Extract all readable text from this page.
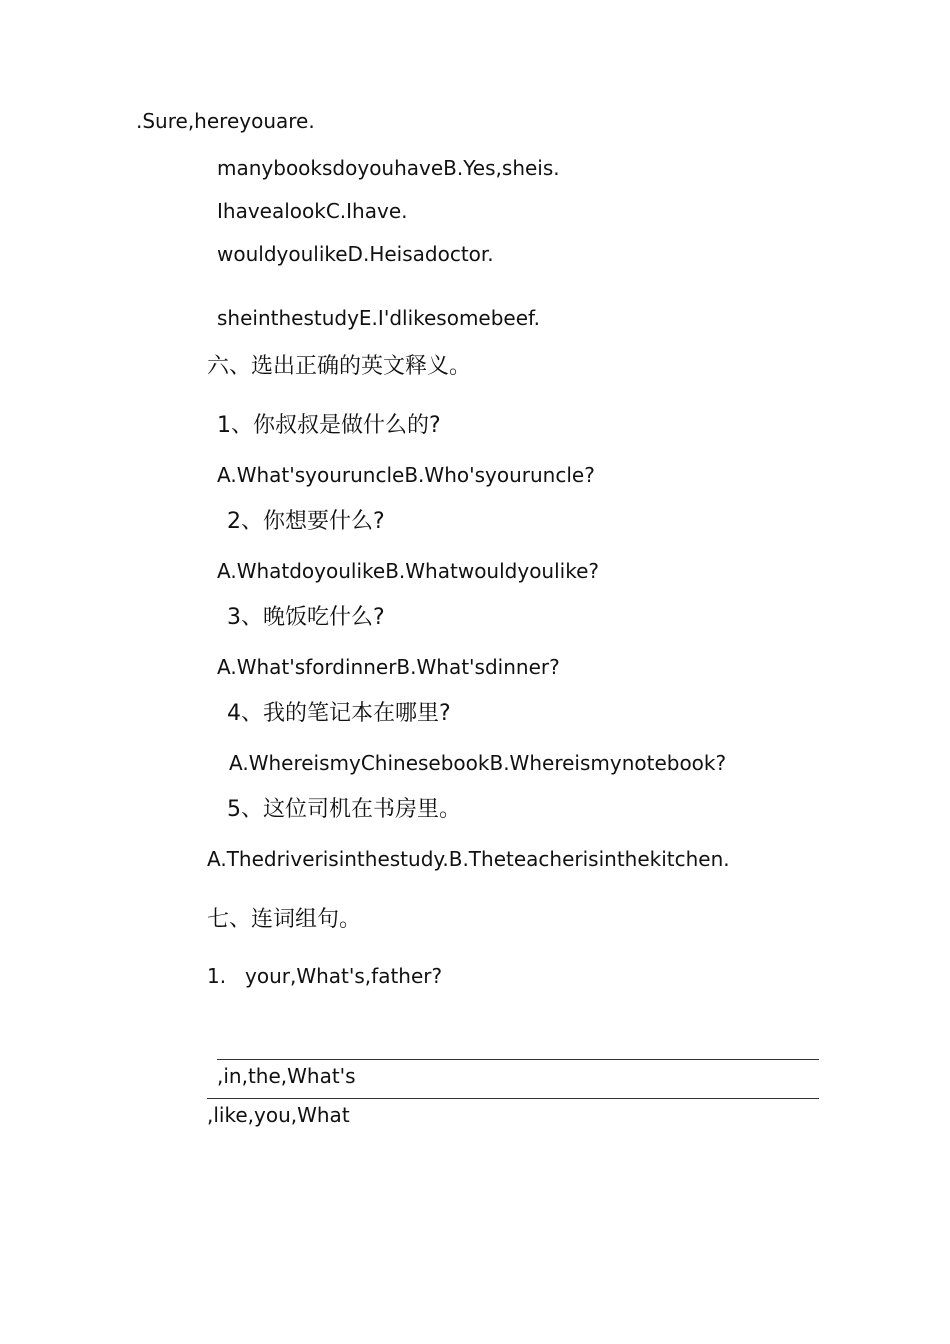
.Sure,hereyouare.
manybooksdoyouhaveB.Yes,sheis.
IhavealookC.Ihave.
wouldyoulikeD.Heisadoctor.
sheinthestudyE.I'dlikesomebeef.
六、选出正确的英文释义。
1、你叔叔是做什么的?
A.What'syouruncleB.Who'syouruncle?
2、你想要什么?
A.WhatdoyoulikeB.Whatwouldyoulike?
3、晚饭吃什么?
A.What'sfordinnerB.What'sdinner?
4、我的笔记本在哪里?
A.WhereismyChinesebookB.Whereismynotebook?
5、这位司机在书房里。
A.Thedriverisinthestudy.B.Theteacherisinthekitchen.
七、连词组句。
1. your,What's,father?
,in,the,What's
,like,you,What
